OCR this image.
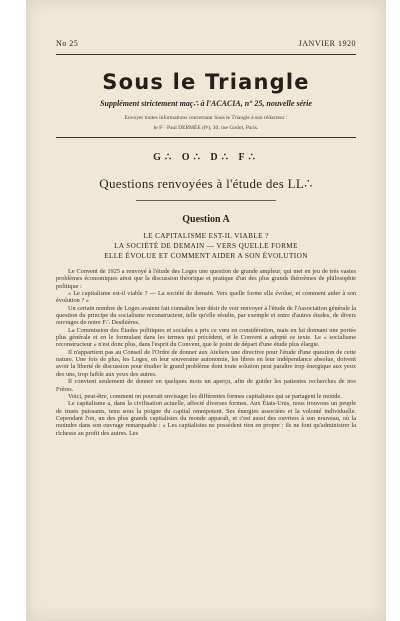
No 25	JANVIER 1920
Sous le Triangle
Supplément strictement maç∴ à l'ACACIA, n° 25, nouvelle série
Envoyer toutes informations concernant Sous le Triangle à son rédacteur :
le F∴ Paul DERMÉE (8ᵉ), 30, rue Godot, Paris.
G∴ O∴ D∴ F∴
Questions renvoyées à l'étude des LL∴
Question A
LE CAPITALISME EST-IL VIABLE ?
LA SOCIÉTÉ DE DEMAIN — VERS QUELLE FORME
ELLE ÉVOLUE ET COMMENT AIDER A SON ÉVOLUTION

Le Convent de 1925 a renvoyé à l'étude des Loges une question de grande ampleur, qui met en jeu de très vastes problèmes économiques ainsi que la discussion théorique et pratique d'un des plus grands théorèmes de philosophie politique :

« Le capitalisme est-il viable ? — La société de demain. Vers quelle forme elle évolue, et comment aider à son évolution ? »

Un certain nombre de Loges avaient fait connaître leur désir de voir renvoyer à l'étude de l'Association générale la question du principe du socialisme reconstructeur, telle qu'elle résulte, par exemple et entre d'autres études, de divers ouvrages de notre F∴ Desthières.

La Commission des Études politiques et sociales a pris ce vœu en considération, mais en lui donnant une portée plus générale et en le formulant dans les termes qui précèdent, et le Convent a adopté ce texte. Le « socialisme reconstructeur » n'est donc plus, dans l'esprit du Convent, que le point de départ d'une étude plus élargie.

Il n'appartient pas au Conseil de l'Ordre de donner aux Ateliers une directive pour l'étude d'une question de cette nature. Une fois de plus, les Loges, en leur souveraine autonomie, les libres en leur indépendance absolue, doivent avoir la liberté de discussion pour étudier le grand problème dont toute solution peut paraître trop énergique aux yeux des uns, trop faible aux yeux des autres.

Il convient seulement de donner en quelques mots un aperçu, afin de guider les patientes recherches de nos Frères.

Voici, peut-être, comment on pourrait envisager les différentes formes capitalistes qui se partagent le monde.

Le capitalisme a, dans la civilisation actuelle, affecté diverses formes. Aux États-Unis, nous trouvons un peuple de trusts puissants, tenu sous la poigne du capital omnipotent. Ses énergies associées et la volonté individuelle. Cependant l'on, un des plus grands capitalistes du monde apparaît, et c'est aussi des ouvriers à son nouveau, où la moindre dans son ouvrage remarquable : « Les capitalistes ne possèdent rien en propre : ils ne font qu'administrer la richesse au profit des autres. Les
